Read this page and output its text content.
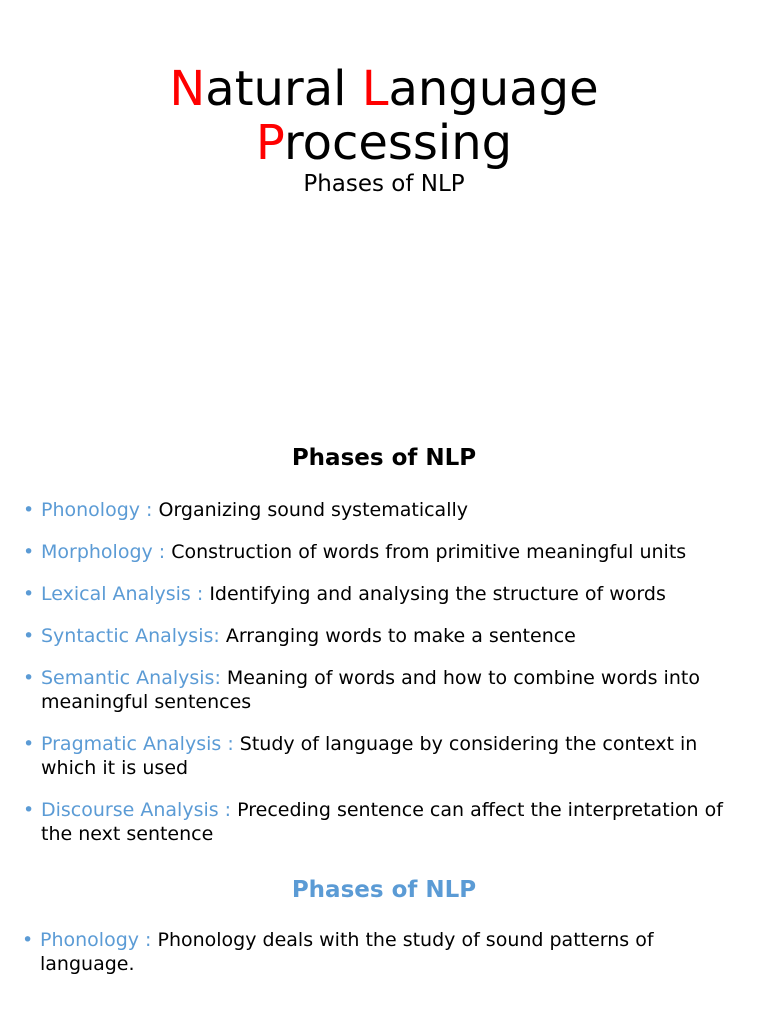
Natural Language
Processing
Phases of NLP
Phases of NLP
• Phonology : Organizing sound systematically
• Morphology : Construction of words from primitive meaningful units
• Lexical Analysis : Identifying and analysing the structure of words
• Syntactic Analysis: Arranging words to make a sentence
• Semantic Analysis: Meaning of words and how to combine words into meaningful sentences
• Pragmatic Analysis : Study of language by considering the context in which it is used
• Discourse Analysis : Preceding sentence can affect the interpretation of the next sentence
Phases of NLP
• Phonology : Phonology deals with the study of sound patterns of language.
